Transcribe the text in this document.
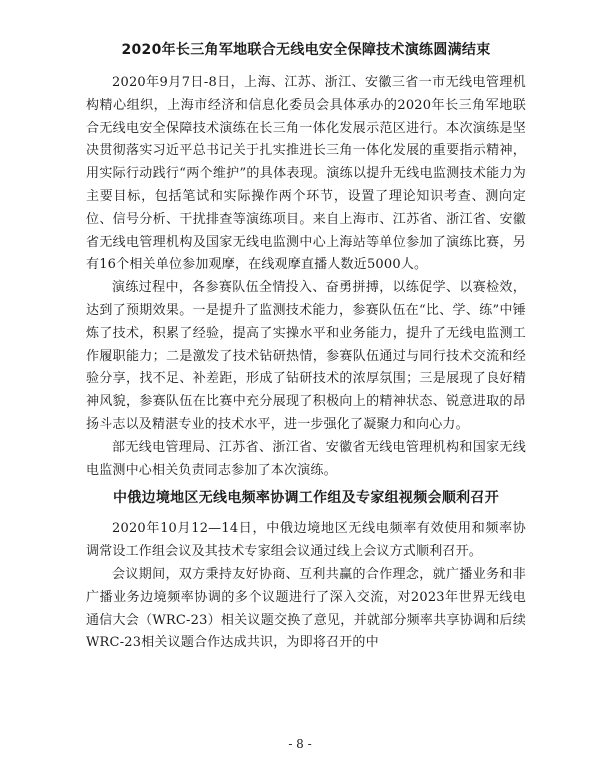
2020年长三角军地联合无线电安全保障技术演练圆满结束

2020年9月7日-8日，上海、江苏、浙江、安徽三省一市无线电管理机构精心组织，上海市经济和信息化委员会具体承办的2020年长三角军地联合无线电安全保障技术演练在长三角一体化发展示范区进行。本次演练是坚决贯彻落实习近平总书记关于扎实推进长三角一体化发展的重要指示精神，用实际行动践行“两个维护”的具体表现。演练以提升无线电监测技术能力为主要目标，包括笔试和实际操作两个环节，设置了理论知识考查、测向定位、信号分析、干扰排查等演练项目。来自上海市、江苏省、浙江省、安徽省无线电管理机构及国家无线电监测中心上海站等单位参加了演练比赛，另有16个相关单位参加观摩，在线观摩直播人数近5000人。

演练过程中，各参赛队伍全情投入、奋勇拼搏，以练促学、以赛检效，达到了预期效果。一是提升了监测技术能力，参赛队伍在“比、学、练”中锤炼了技术，积累了经验，提高了实操水平和业务能力，提升了无线电监测工作履职能力；二是激发了技术钻研热情，参赛队伍通过与同行技术交流和经验分享，找不足、补差距，形成了钻研技术的浓厚氛围；三是展现了良好精神风貌，参赛队伍在比赛中充分展现了积极向上的精神状态、锐意进取的昂扬斗志以及精湛专业的技术水平，进一步强化了凝聚力和向心力。

部无线电管理局、江苏省、浙江省、安徽省无线电管理机构和国家无线电监测中心相关负责同志参加了本次演练。

中俄边境地区无线电频率协调工作组及专家组视频会顺利召开

2020年10月12—14日，中俄边境地区无线电频率有效使用和频率协调常设工作组会议及其技术专家组会议通过线上会议方式顺利召开。

会议期间，双方秉持友好协商、互利共赢的合作理念，就广播业务和非广播业务边境频率协调的多个议题进行了深入交流，对2023年世界无线电通信大会（WRC-23）相关议题交换了意见，并就部分频率共享协调和后续WRC-23相关议题合作达成共识，为即将召开的中

- 8 -
